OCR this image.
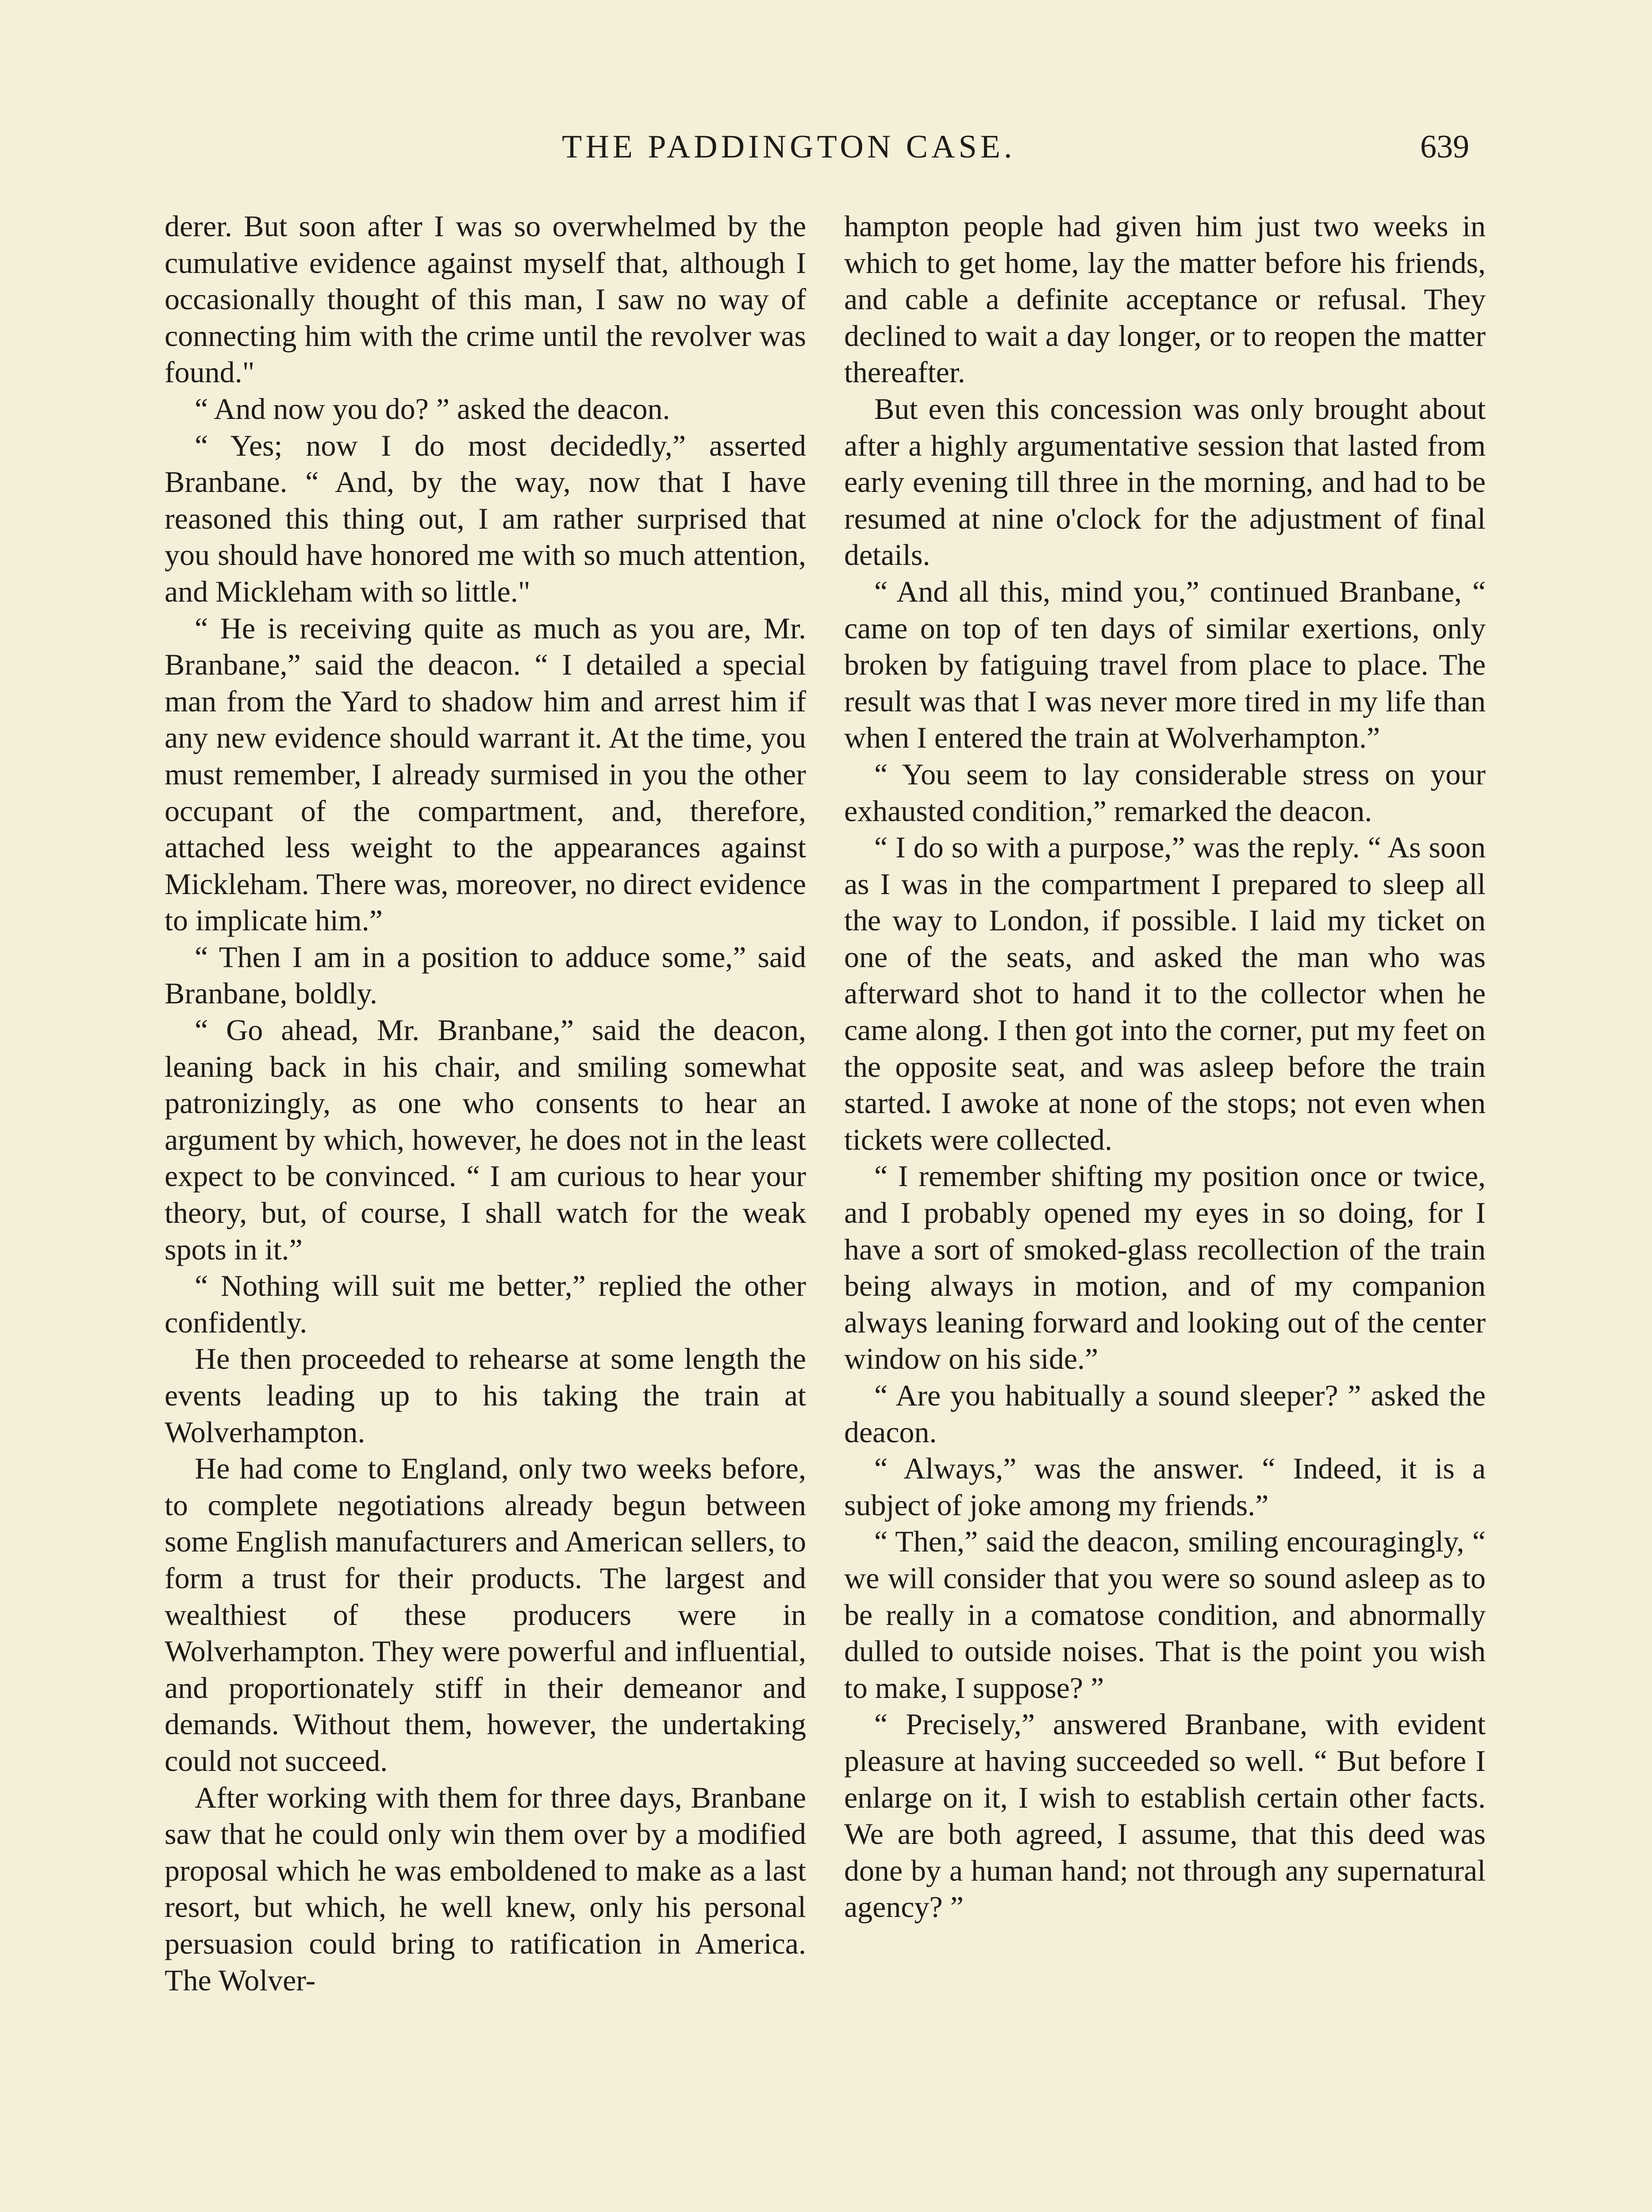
THE PADDINGTON CASE.	639

derer. But soon after I was so overwhelmed by the cumulative evidence against myself that, although I occasionally thought of this man, I saw no way of connecting him with the crime until the revolver was found."

“ And now you do? ” asked the deacon.

“ Yes; now I do most decidedly,” asserted Branbane. “ And, by the way, now that I have reasoned this thing out, I am rather surprised that you should have honored me with so much attention, and Mickleham with so little."

“ He is receiving quite as much as you are, Mr. Branbane,” said the deacon. “ I detailed a special man from the Yard to shadow him and arrest him if any new evidence should warrant it. At the time, you must remember, I already surmised in you the other occupant of the compartment, and, therefore, attached less weight to the appearances against Mickleham. There was, moreover, no direct evidence to implicate him.”

“ Then I am in a position to adduce some,” said Branbane, boldly.

“ Go ahead, Mr. Branbane,” said the deacon, leaning back in his chair, and smiling somewhat patronizingly, as one who consents to hear an argument by which, however, he does not in the least expect to be convinced. “ I am curious to hear your theory, but, of course, I shall watch for the weak spots in it.”

“ Nothing will suit me better,” replied the other confidently.

He then proceeded to rehearse at some length the events leading up to his taking the train at Wolverhampton.

He had come to England, only two weeks before, to complete negotiations already begun between some English manufacturers and American sellers, to form a trust for their products. The largest and wealthiest of these producers were in Wolverhampton. They were powerful and influential, and proportionately stiff in their demeanor and demands. Without them, however, the undertaking could not succeed.

After working with them for three days, Branbane saw that he could only win them over by a modified proposal which he was emboldened to make as a last resort, but which, he well knew, only his personal persuasion could bring to ratification in America. The Wolver-

hampton people had given him just two weeks in which to get home, lay the matter before his friends, and cable a definite acceptance or refusal. They declined to wait a day longer, or to reopen the matter thereafter.

But even this concession was only brought about after a highly argumentative session that lasted from early evening till three in the morning, and had to be resumed at nine o'clock for the adjustment of final details.

“ And all this, mind you,” continued Branbane, “ came on top of ten days of similar exertions, only broken by fatiguing travel from place to place. The result was that I was never more tired in my life than when I entered the train at Wolverhampton.”

“ You seem to lay considerable stress on your exhausted condition,” remarked the deacon.

“ I do so with a purpose,” was the reply. “ As soon as I was in the compartment I prepared to sleep all the way to London, if possible. I laid my ticket on one of the seats, and asked the man who was afterward shot to hand it to the collector when he came along. I then got into the corner, put my feet on the opposite seat, and was asleep before the train started. I awoke at none of the stops; not even when tickets were collected.

“ I remember shifting my position once or twice, and I probably opened my eyes in so doing, for I have a sort of smoked-glass recollection of the train being always in motion, and of my companion always leaning forward and looking out of the center window on his side.”

“ Are you habitually a sound sleeper? ” asked the deacon.

“ Always,” was the answer. “ Indeed, it is a subject of joke among my friends.”

“ Then,” said the deacon, smiling encouragingly, “ we will consider that you were so sound asleep as to be really in a comatose condition, and abnormally dulled to outside noises. That is the point you wish to make, I suppose? ”

“ Precisely,” answered Branbane, with evident pleasure at having succeeded so well. “ But before I enlarge on it, I wish to establish certain other facts. We are both agreed, I assume, that this deed was done by a human hand; not through any supernatural agency? ”
